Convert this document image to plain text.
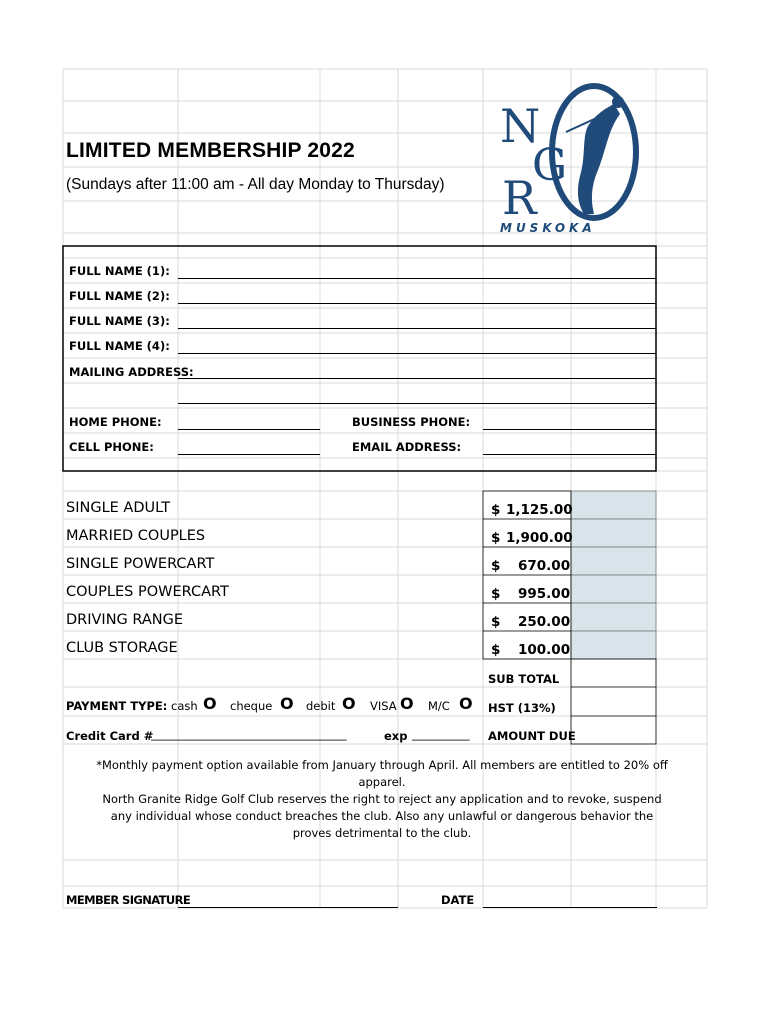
LIMITED MEMBERSHIP 2022
(Sundays after 11:00 am - All day Monday to Thursday)
N
G
R
MUSKOKA
FULL NAME (1):
FULL NAME (2):
FULL NAME (3):
FULL NAME (4):
MAILING ADDRESS:
HOME PHONE:	BUSINESS PHONE:
CELL PHONE:	EMAIL ADDRESS:
SINGLE ADULT	$ 1,125.00
MARRIED COUPLES	$ 1,900.00
SINGLE POWERCART	$ 670.00
COUPLES POWERCART	$ 995.00
DRIVING RANGE	$ 250.00
CLUB STORAGE	$ 100.00
SUB TOTAL
HST (13%)
AMOUNT DUE
PAYMENT TYPE: cash O cheque O debit O VISA O M/C O
Credit Card #
__________________________________	exp __________
*Monthly payment option available from January through April. All members are entitled to 20% off apparel.
North Granite Ridge Golf Club reserves the right to reject any application and to revoke, suspend any individual whose conduct breaches the club. Also any unlawful or dangerous behavior the proves detrimental to the club.
MEMBER SIGNATURE	DATE
